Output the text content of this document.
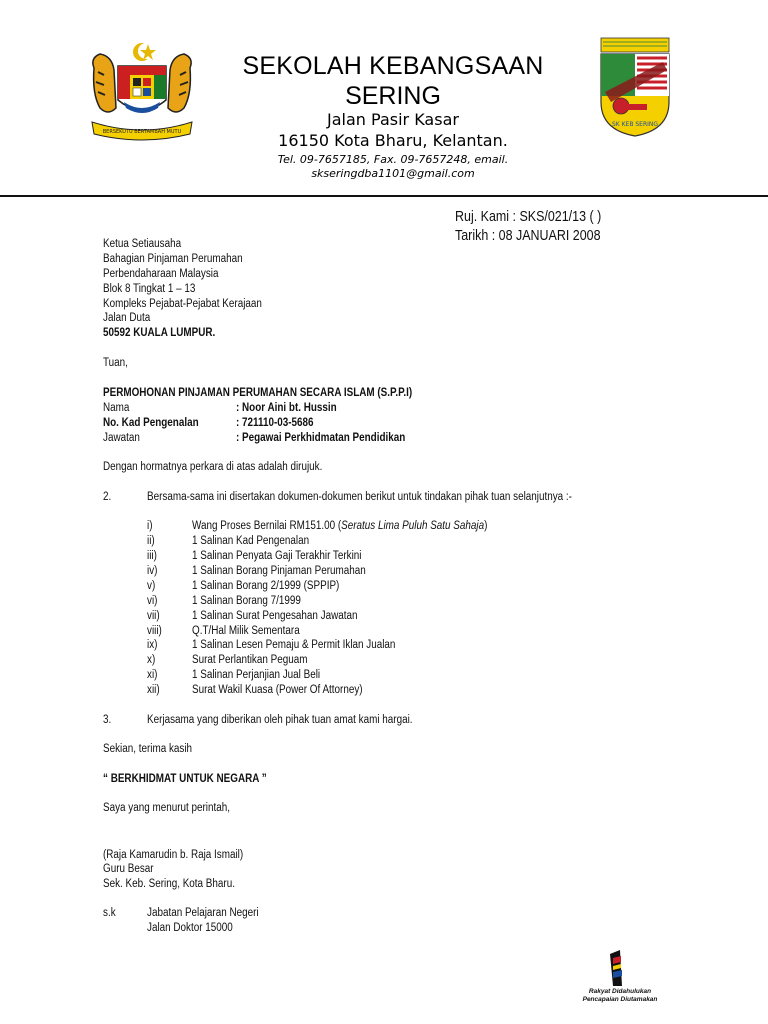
BERSEKUTU BERTAMBAH MUTU
SK KEB SERING
SEKOLAH KEBANGSAAN
SERING
Jalan Pasir Kasar
16150 Kota Bharu, Kelantan.
Tel. 09-7657185, Fax. 09-7657248, email.
skseringdba1101@gmail.com
Ruj. Kami : SKS/021/13 ( )
Tarikh : 08 JANUARI 2008
Ketua Setiausaha
Bahagian Pinjaman Perumahan
Perbendaharaan Malaysia
Blok 8 Tingkat 1 – 13
Kompleks Pejabat-Pejabat Kerajaan
Jalan Duta
50592 KUALA LUMPUR.
Tuan,
PERMOHONAN PINJAMAN PERUMAHAN SECARA ISLAM (S.P.P.I)
Nama	: Noor Aini bt. Hussin
No. Kad Pengenalan	: 721110-03-5686
Jawatan	: Pegawai Perkhidmatan Pendidikan
Dengan hormatnya perkara di atas adalah dirujuk.
2.	Bersama-sama ini disertakan dokumen-dokumen berikut untuk tindakan pihak tuan selanjutnya :-
i)	Wang Proses Bernilai RM151.00 (Seratus Lima Puluh Satu Sahaja)
ii)	1 Salinan Kad Pengenalan
iii)	1 Salinan Penyata Gaji Terakhir Terkini
iv)	1 Salinan Borang Pinjaman Perumahan
v)	1 Salinan Borang 2/1999 (SPPIP)
vi)	1 Salinan Borang 7/1999
vii)	1 Salinan Surat Pengesahan Jawatan
viii)	Q.T/Hal Milik Sementara
ix)	1 Salinan Lesen Pemaju & Permit Iklan Jualan
x)	Surat Perlantikan Peguam
xi)	1 Salinan Perjanjian Jual Beli
xii)	Surat Wakil Kuasa (Power Of Attorney)
3.	Kerjasama yang diberikan oleh pihak tuan amat kami hargai.
Sekian, terima kasih
“ BERKHIDMAT UNTUK NEGARA ”
Saya yang menurut perintah,
(Raja Kamarudin b. Raja Ismail)
Guru Besar
Sek. Keb. Sering, Kota Bharu.
s.k	Jabatan Pelajaran Negeri
Jalan Doktor 15000
Rakyat Didahulukan
Pencapaian Diutamakan
